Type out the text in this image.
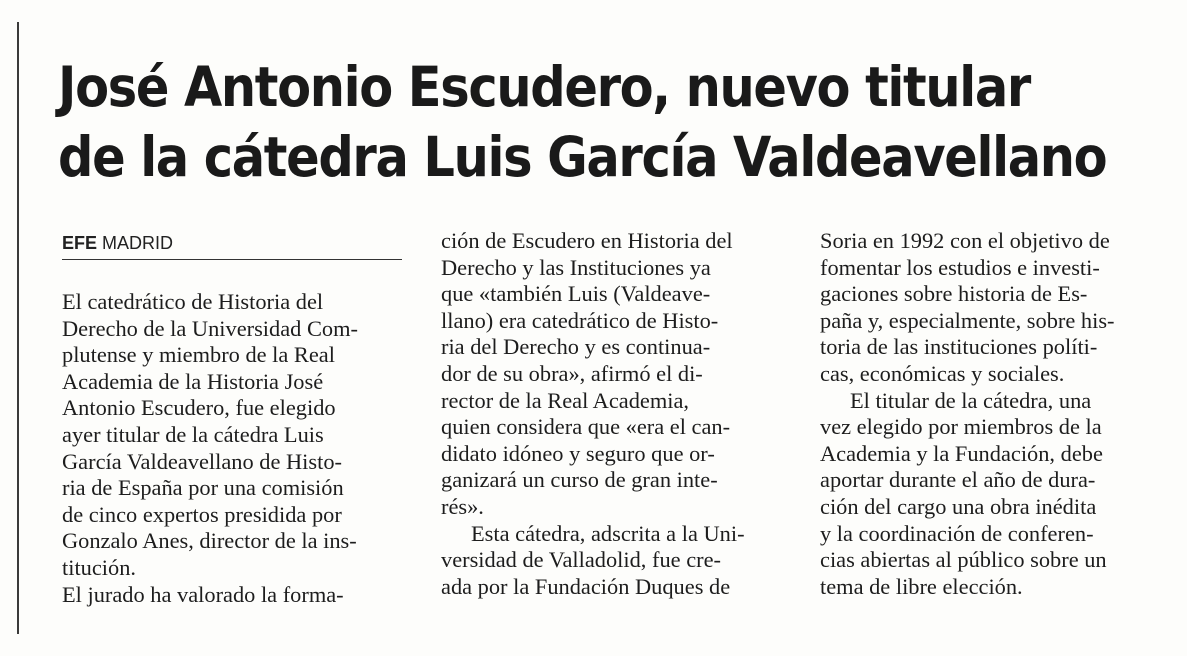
José Antonio Escudero, nuevo titular
de la cátedra Luis García Valdeavellano
EFE MADRID
El catedrático de Historia del
Derecho de la Universidad Com-
plutense y miembro de la Real
Academia de la Historia José
Antonio Escudero, fue elegido
ayer titular de la cátedra Luis
García Valdeavellano de Histo-
ria de España por una comisión
de cinco expertos presidida por
Gonzalo Anes, director de la ins-
titución.
El jurado ha valorado la forma-
ción de Escudero en Historia del
Derecho y las Instituciones ya
que «también Luis (Valdeave-
llano) era catedrático de Histo-
ria del Derecho y es continua-
dor de su obra», afirmó el di-
rector de la Real Academia,
quien considera que «era el can-
didato idóneo y seguro que or-
ganizará un curso de gran inte-
rés».
Esta cátedra, adscrita a la Uni-
versidad de Valladolid, fue cre-
ada por la Fundación Duques de
Soria en 1992 con el objetivo de
fomentar los estudios e investi-
gaciones sobre historia de Es-
paña y, especialmente, sobre his-
toria de las instituciones políti-
cas, económicas y sociales.
El titular de la cátedra, una
vez elegido por miembros de la
Academia y la Fundación, debe
aportar durante el año de dura-
ción del cargo una obra inédita
y la coordinación de conferen-
cias abiertas al público sobre un
tema de libre elección.
